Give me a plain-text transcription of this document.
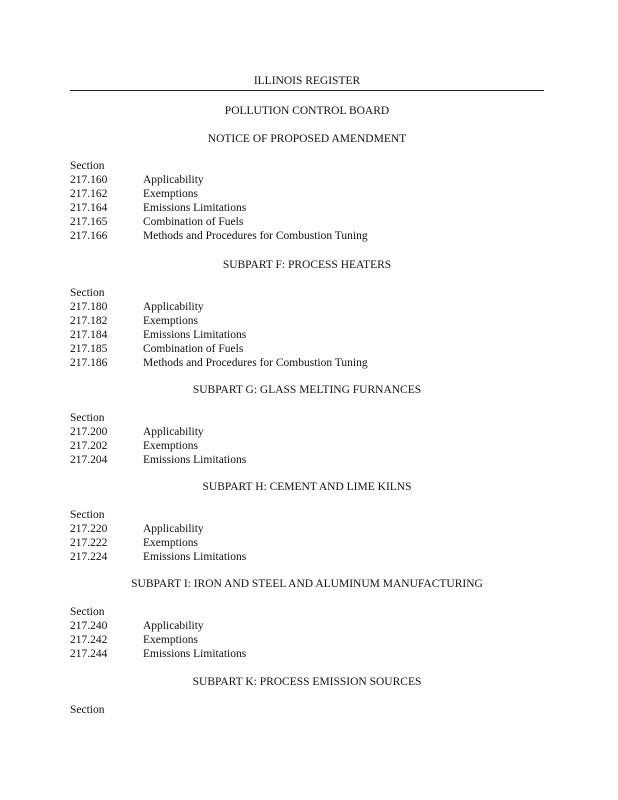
ILLINOIS REGISTER
POLLUTION CONTROL BOARD
NOTICE OF PROPOSED AMENDMENT
Section
217.160	Applicability
217.162	Exemptions
217.164	Emissions Limitations
217.165	Combination of Fuels
217.166	Methods and Procedures for Combustion Tuning
SUBPART F: PROCESS HEATERS
Section
217.180	Applicability
217.182	Exemptions
217.184	Emissions Limitations
217.185	Combination of Fuels
217.186	Methods and Procedures for Combustion Tuning
SUBPART G: GLASS MELTING FURNANCES
Section
217.200	Applicability
217.202	Exemptions
217.204	Emissions Limitations
SUBPART H: CEMENT AND LIME KILNS
Section
217.220	Applicability
217.222	Exemptions
217.224	Emissions Limitations
SUBPART I: IRON AND STEEL AND ALUMINUM MANUFACTURING
Section
217.240	Applicability
217.242	Exemptions
217.244	Emissions Limitations
SUBPART K: PROCESS EMISSION SOURCES
Section
